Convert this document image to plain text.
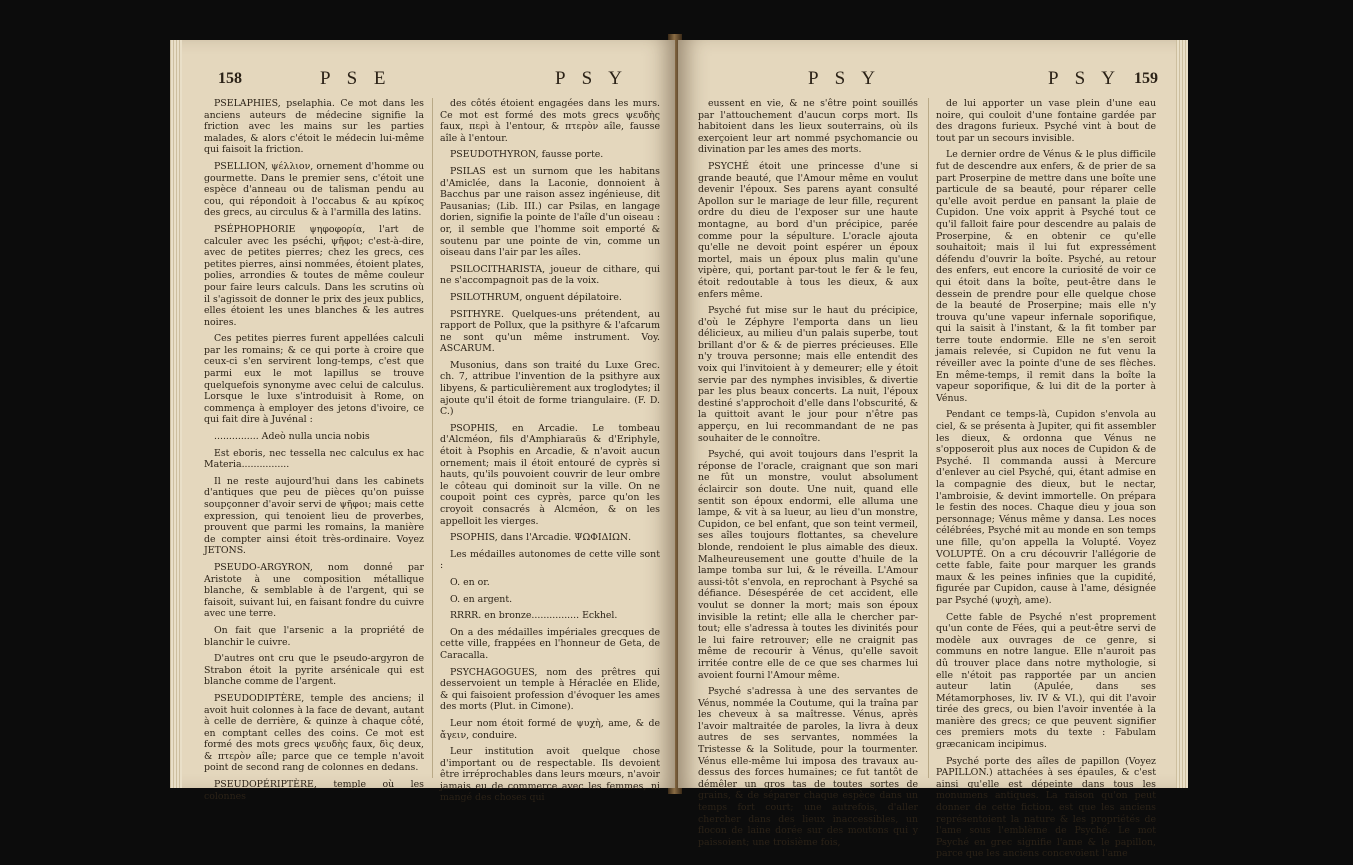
158	P S E	P S Y

PSELAPHIES, pselaphia. Ce mot dans les anciens auteurs de médecine signifie la friction avec les mains sur les parties malades, & alors c'étoit le médecin lui-même qui faisoit la friction.

PSELLION, ψέλλιον, ornement d'homme ou gourmette. Dans le premier sens, c'étoit une espèce d'anneau ou de talisman pendu au cou, qui répondoit à l'occabus & au κρίκος des grecs, au circulus & à l'armilla des latins.

PSÉPHOPHORIE ψηφοφορία, l'art de calculer avec les pséchi, ψῆφοι; c'est-à-dire, avec de petites pierres; chez les grecs, ces petites pierres, ainsi nommées, étoient plates, polies, arrondies & toutes de même couleur pour faire leurs calculs. Dans les scrutins où il s'agissoit de donner le prix des jeux publics, elles étoient les unes blanches & les autres noires.

Ces petites pierres furent appellées calculi par les romains; & ce qui porte à croire que ceux-ci s'en servirent long-temps, c'est que parmi eux le mot lapillus se trouve quelquefois synonyme avec celui de calculus. Lorsque le luxe s'introduisit à Rome, on commença à employer des jetons d'ivoire, ce qui fait dire à Juvénal :

............... Adeò nulla uncia nobis

Est eboris, nec tessella nec calculus ex hac Materia................

Il ne reste aujourd'hui dans les cabinets d'antiques que peu de pièces qu'on puisse soupçonner d'avoir servi de ψῆφοι; mais cette expression, qui tenoient lieu de proverbes, prouvent que parmi les romains, la manière de compter ainsi étoit très-ordinaire. Voyez JETONS.

PSEUDO-ARGYRON, nom donné par Aristote à une composition métallique blanche, & semblable à de l'argent, qui se faisoit, suivant lui, en faisant fondre du cuivre avec une terre.

On fait que l'arsenic a la propriété de blanchir le cuivre.

D'autres ont cru que le pseudo-argyron de Strabon étoit la pyrite arsénicale qui est blanche comme de l'argent.

PSEUDODIPTÈRE, temple des anciens; il avoit huit colonnes à la face de devant, autant à celle de derrière, & quinze à chaque côté, en comptant celles des coins. Ce mot est formé des mots grecs ψευδὴς faux, δὶς deux, & πτερὸν aîle; parce que ce temple n'avoit point de second rang de colonnes en dedans.

PSEUDOPÉRIPTÈRE, temple où les colonnes

des côtés étoient engagées dans les murs. Ce mot est formé des mots grecs ψευδὴς faux, περὶ à l'entour, & πτερὸν aîle, fausse aîle à l'entour.

PSEUDOTHYRON, fausse porte.

PSILAS est un surnom que les habitans d'Amiclée, dans la Laconie, donnoient à Bacchus par une raison assez ingénieuse, dit Pausanias; (Lib. III.) car Psilas, en langage dorien, signifie la pointe de l'aîle d'un oiseau : or, il semble que l'homme soit emporté & soutenu par une pointe de vin, comme un oiseau dans l'air par les aîles.

PSILOCITHARISTA, joueur de cithare, qui ne s'accompagnoit pas de la voix.

PSILOTHRUM, onguent dépilatoire.

PSITHYRE. Quelques-uns prétendent, au rapport de Pollux, que la psithyre & l'afcarum ne sont qu'un même instrument. Voy. ASCARUM.

Musonius, dans son traité du Luxe Grec. ch. 7, attribue l'invention de la psithyre aux libyens, & particulièrement aux troglodytes; il ajoute qu'il étoit de forme triangulaire. (F. D. C.)

PSOPHIS, en Arcadie. Le tombeau d'Alcméon, fils d'Amphiaraüs & d'Eriphyle, étoit à Psophis en Arcadie, & n'avoit aucun ornement; mais il étoit entouré de cyprès si hauts, qu'ils pouvoient couvrir de leur ombre le côteau qui dominoit sur la ville. On ne coupoit point ces cyprès, parce qu'on les croyoit consacrés à Alcméon, & on les appelloit les vierges.

PSOPHIS, dans l'Arcadie. ΨΩΦΙΔΙΩΝ.

Les médailles autonomes de cette ville sont :

O. en or.

O. en argent.

RRRR. en bronze................ Eckhel.

On a des médailles impériales grecques de cette ville, frappées en l'honneur de Geta, de Caracalla.

PSYCHAGOGUES, nom des prêtres qui desservoient un temple à Héraclée en Elide, & qui faisoient profession d'évoquer les ames des morts (Plut. in Cimone).

Leur nom étoit formé de ψυχὴ, ame, & de ἄγειν, conduire.

Leur institution avoit quelque chose d'important ou de respectable. Ils devoient être irréprochables dans leurs mœurs, n'avoir jamais eu de commerce avec les femmes, ni mangé des choses qui

P S Y	P S Y 159

eussent en vie, & ne s'être point souillés par l'attouchement d'aucun corps mort. Ils habitoient dans les lieux souterrains, où ils exerçoient leur art nommé psychomancie ou divination par les ames des morts.

PSYCHÉ étoit une princesse d'une si grande beauté, que l'Amour même en voulut devenir l'époux. Ses parens ayant consulté Apollon sur le mariage de leur fille, reçurent ordre du dieu de l'exposer sur une haute montagne, au bord d'un précipice, parée comme pour la sépulture. L'oracle ajouta qu'elle ne devoit point espérer un époux mortel, mais un époux plus malin qu'une vipère, qui, portant par-tout le fer & le feu, étoit redoutable à tous les dieux, & aux enfers même.

Psyché fut mise sur le haut du précipice, d'où le Zéphyre l'emporta dans un lieu délicieux, au milieu d'un palais superbe, tout brillant d'or & & de pierres précieuses. Elle n'y trouva personne; mais elle entendit des voix qui l'invitoient à y demeurer; elle y étoit servie par des nymphes invisibles, & divertie par les plus beaux concerts. La nuit, l'époux destiné s'approchoit d'elle dans l'obscurité, & la quittoit avant le jour pour n'être pas apperçu, en lui recommandant de ne pas souhaiter de le connoître.

Psyché, qui avoit toujours dans l'esprit la réponse de l'oracle, craignant que son mari ne fût un monstre, voulut absolument éclaircir son doute. Une nuit, quand elle sentit son époux endormi, elle alluma une lampe, & vit à sa lueur, au lieu d'un monstre, Cupidon, ce bel enfant, que son teint vermeil, ses aîles toujours flottantes, sa chevelure blonde, rendoient le plus aimable des dieux. Malheureusement une goutte d'huile de la lampe tomba sur lui, & le réveilla. L'Amour aussi-tôt s'envola, en reprochant à Psyché sa défiance. Désespérée de cet accident, elle voulut se donner la mort; mais son époux invisible la retint; elle alla le chercher par-tout; elle s'adressa à toutes les divinités pour le lui faire retrouver; elle ne craignit pas même de recourir à Vénus, qu'elle savoit irritée contre elle de ce que ses charmes lui avoient fourni l'Amour même.

Psyché s'adressa à une des servantes de Vénus, nommée la Coutume, qui la traîna par les cheveux à sa maîtresse. Vénus, après l'avoir maltraitée de paroles, la livra à deux autres de ses servantes, nommées la Tristesse & la Solitude, pour la tourmenter. Vénus elle-même lui imposa des travaux au-dessus des forces humaines; ce fut tantôt de démêler un gros tas de toutes sortes de grains, & de séparer chaque espèce dans un temps fort court; une autrefois, d'aller chercher dans des lieux inaccessibles, un flocon de laine dorée sur des moutons qui y paissoient; une troisième fois,

de lui apporter un vase plein d'une eau noire, qui couloit d'une fontaine gardée par des dragons furieux. Psyché vint à bout de tout par un secours invisible.

Le dernier ordre de Vénus & le plus difficile fut de descendre aux enfers, & de prier de sa part Proserpine de mettre dans une boîte une particule de sa beauté, pour réparer celle qu'elle avoit perdue en pansant la plaie de Cupidon. Une voix apprit à Psyché tout ce qu'il falloit faire pour descendre au palais de Proserpine, & en obtenir ce qu'elle souhaitoit; mais il lui fut expressément défendu d'ouvrir la boîte. Psyché, au retour des enfers, eut encore la curiosité de voir ce qui étoit dans la boîte, peut-être dans le dessein de prendre pour elle quelque chose de la beauté de Proserpine; mais elle n'y trouva qu'une vapeur infernale soporifique, qui la saisit à l'instant, & la fit tomber par terre toute endormie. Elle ne s'en seroit jamais relevée, si Cupidon ne fut venu la réveiller avec la pointe d'une de ses flèches. En même-temps, il remit dans la boîte la vapeur soporifique, & lui dit de la porter à Vénus.

Pendant ce temps-là, Cupidon s'envola au ciel, & se présenta à Jupiter, qui fit assembler les dieux, & ordonna que Vénus ne s'opposeroit plus aux noces de Cupidon & de Psyché. Il commanda aussi à Mercure d'enlever au ciel Psyché, qui, étant admise en la compagnie des dieux, but le nectar, l'ambroisie, & devint immortelle. On prépara le festin des noces. Chaque dieu y joua son personnage; Vénus même y dansa. Les noces célébrées, Psyché mit au monde en son temps une fille, qu'on appella la Volupté. Voyez VOLUPTÉ. On a cru découvrir l'allégorie de cette fable, faite pour marquer les grands maux & les peines infinies que la cupidité, figurée par Cupidon, cause à l'ame, désignée par Psyché (ψυχὴ, ame).

Cette fable de Psyché n'est proprement qu'un conte de Fées, qui a peut-être servi de modèle aux ouvrages de ce genre, si communs en notre langue. Elle n'auroit pas dû trouver place dans notre mythologie, si elle n'étoit pas rapportée par un ancien auteur latin (Apulée, dans ses Métamorphoses, liv. IV & VI.), qui dit l'avoir tirée des grecs, ou bien l'avoir inventée à la manière des grecs; ce que peuvent signifier ces premiers mots du texte : Fabulam græcanicam incipimus.

Psyché porte des aîles de papillon (Voyez PAPILLON.) attachées à ses épaules, & c'est ainsi qu'elle est dépeinte dans tous les monumens antiques. La raison qu'on peut donner de cette fiction, est que les anciens représentoient la nature & les propriétés de l'ame sous l'emblème de Psyché. Le mot Psyché en grec signifie l'ame & le papillon, parce que les anciens concevoient l'ame
